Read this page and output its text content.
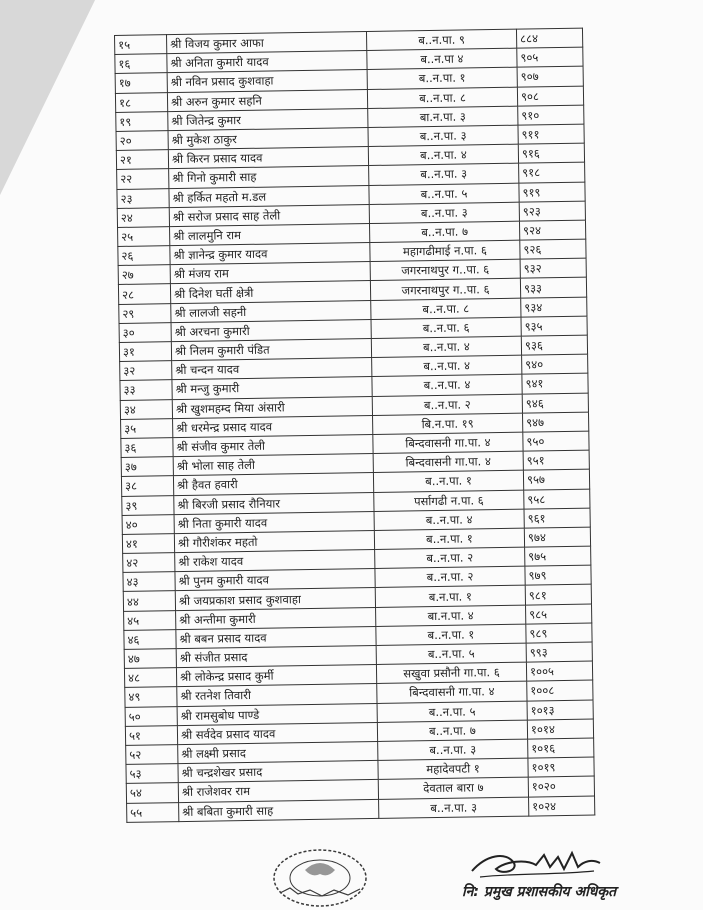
१५	श्री विजय कुमार आफा	ब..न.पा. ९	८८४
१६	श्री अनिता कुमारी यादव	ब..न.पा ४	९०५
१७	श्री नविन प्रसाद कुशवाहा	ब..न.पा. १	९०७
१८	श्री अरुन कुमार सहनि	ब..न.पा. ८	९०८
१९	श्री जितेन्द्र कुमार	बा.न.पा. ३	९१०
२०	श्री मुकेश ठाकुर	ब..न.पा. ३	९११
२१	श्री किरन प्रसाद यादव	ब..न.पा. ४	९१६
२२	श्री गिनो कुमारी साह	ब..न.पा. ३	९१८
२३	श्री हर्कित महतो म.डल	ब..न.पा. ५	९१९
२४	श्री सरोज प्रसाद साह तेली	ब..न.पा. ३	९२३
२५	श्री लालमुनि राम	ब..न.पा. ७	९२४
२६	श्री ज्ञानेन्द्र कुमार यादव	महागढीमाई न.पा. ६	९२६
२७	श्री मंजय राम	जगरनाथपुर ग..पा. ६	९३२
२८	श्री दिनेश घर्ती क्षेत्री	जगरनाथपुर ग..पा. ६	९३३
२९	श्री लालजी सहनी	ब..न.पा. ८	९३४
३०	श्री अरचना कुमारी	ब..न.पा. ६	९३५
३१	श्री निलम कुमारी पंडित	ब..न.पा. ४	९३६
३२	श्री चन्दन यादव	ब..न.पा. ४	९४०
३३	श्री मन्जु कुमारी	ब..न.पा. ४	९४१
३४	श्री खुशमहम्द मिया अंसारी	ब..न.पा. २	९४६
३५	श्री धरमेन्द्र प्रसाद यादव	बि.न.पा. १९	९४७
३६	श्री संजीव कुमार तेली	बिन्दवासनी गा.पा. ४	९५०
३७	श्री भोला साह तेली	बिन्दवासनी गा.पा. ४	९५१
३८	श्री हैवत हवारी	ब..न.पा. १	९५७
३९	श्री बिरजी प्रसाद रौनियार	पर्सागढी न.पा. ६	९५८
४०	श्री निता कुमारी यादव	ब..न.पा. ४	९६१
४१	श्री गौरीशंकर महतो	ब..न.पा. १	९७४
४२	श्री राकेश यादव	ब..न.पा. २	९७५
४३	श्री पुनम कुमारी यादव	ब..न.पा. २	९७९
४४	श्री जयप्रकाश प्रसाद कुशवाहा	ब.न.पा. १	९८१
४५	श्री अन्तीमा कुमारी	बा.न.पा. ४	९८५
४६	श्री बबन प्रसाद यादव	ब..न.पा. १	९८९
४७	श्री संजीत प्रसाद	ब..न.पा. ५	९९३
४८	श्री लोकेन्द्र प्रसाद कुर्मी	सखुवा प्रसौनी गा.पा. ६	१००५
४९	श्री रतनेश तिवारी	बिन्दवासनी गा.पा. ४	१००८
५०	श्री रामसुबोध पाण्डे	ब..न.पा. ५	१०१३
५१	श्री सर्वदेव प्रसाद यादव	ब..न.पा. ७	१०१४
५२	श्री लक्ष्मी प्रसाद	ब..न.पा. ३	१०१६
५३	श्री चन्द्रशेखर प्रसाद	महादेवपटी १	१०१९
५४	श्री राजेशवर राम	देवताल बारा ७	१०२०
५५	श्री बबिता कुमारी साह	ब..न.पा. ३	१०२४
नि: प्रमुख प्रशासकीय अधिकृत
